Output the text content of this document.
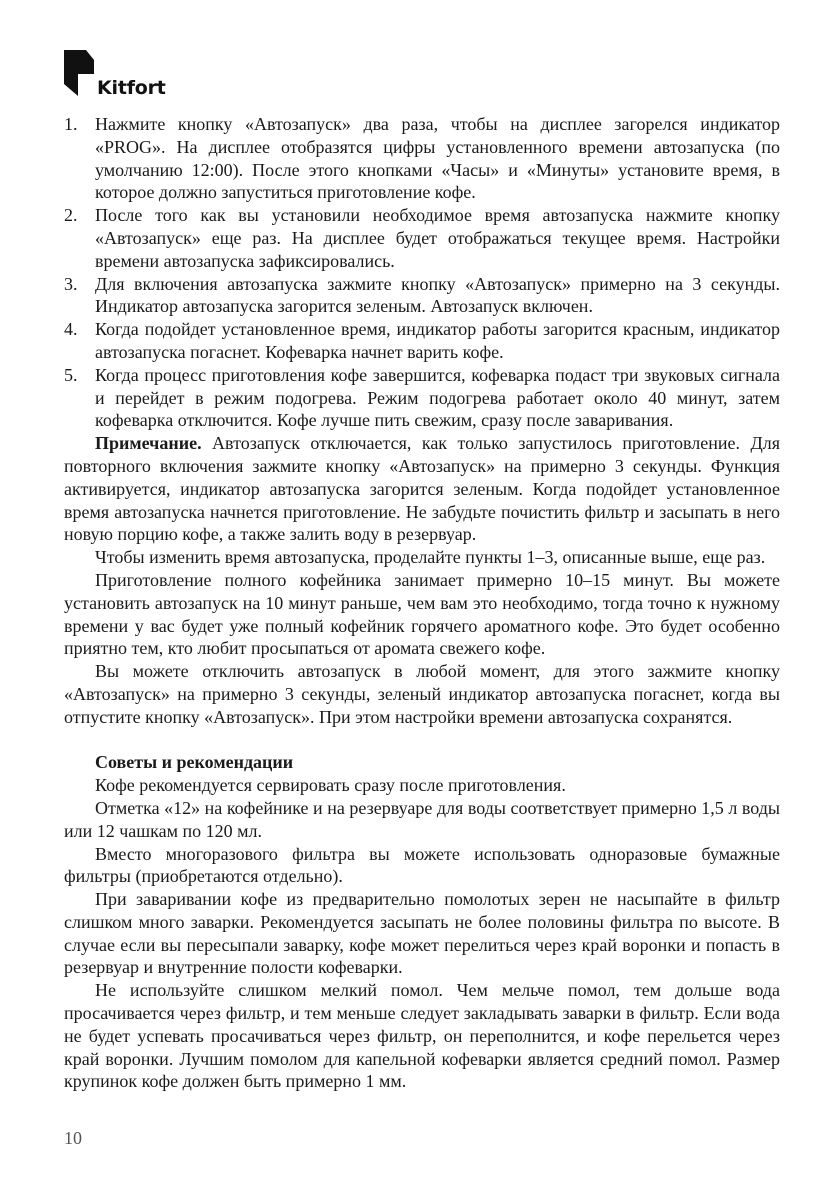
Kitfort
1. Нажмите кнопку «Автозапуск» два раза, чтобы на дисплее загорелся индикатор «PROG». На дисплее отобразятся цифры установленного времени автозапуска (по умолчанию 12:00). После этого кнопками «Часы» и «Минуты» установите время, в которое должно запуститься приготовление кофе.
2. После того как вы установили необходимое время автозапуска нажмите кнопку «Автозапуск» еще раз. На дисплее будет отображаться текущее время. Настройки времени автозапуска зафиксировались.
3. Для включения автозапуска зажмите кнопку «Автозапуск» примерно на 3 секунды. Индикатор автозапуска загорится зеленым. Автозапуск включен.
4. Когда подойдет установленное время, индикатор работы загорится красным, индикатор автозапуска погаснет. Кофеварка начнет варить кофе.
5. Когда процесс приготовления кофе завершится, кофеварка подаст три звуковых сигнала и перейдет в режим подогрева. Режим подогрева работает около 40 минут, затем кофеварка отключится. Кофе лучше пить свежим, сразу после заваривания.

Примечание. Автозапуск отключается, как только запустилось приготовление. Для повторного включения зажмите кнопку «Автозапуск» на примерно 3 секунды. Функция активируется, индикатор автозапуска загорится зеленым. Когда подойдет установленное время автозапуска начнется приготовление. Не забудьте почистить фильтр и засыпать в него новую порцию кофе, а также залить воду в резервуар.

Чтобы изменить время автозапуска, проделайте пункты 1–3, описанные выше, еще раз.

Приготовление полного кофейника занимает примерно 10–15 минут. Вы можете установить автозапуск на 10 минут раньше, чем вам это необходимо, тогда точно к нужному времени у вас будет уже полный кофейник горячего ароматного кофе. Это будет особенно приятно тем, кто любит просыпаться от аромата свежего кофе.

Вы можете отключить автозапуск в любой момент, для этого зажмите кнопку «Автозапуск» на примерно 3 секунды, зеленый индикатор автозапуска погаснет, когда вы отпустите кнопку «Автозапуск». При этом настройки времени автозапуска сохранятся.

Советы и рекомендации

Кофе рекомендуется сервировать сразу после приготовления.

Отметка «12» на кофейнике и на резервуаре для воды соответствует примерно 1,5 л воды или 12 чашкам по 120 мл.

Вместо многоразового фильтра вы можете использовать одноразовые бумажные фильтры (приобретаются отдельно).

При заваривании кофе из предварительно помолотых зерен не насыпайте в фильтр слишком много заварки. Рекомендуется засыпать не более половины фильтра по высоте. В случае если вы пересыпали заварку, кофе может перелиться через край воронки и попасть в резервуар и внутренние полости кофеварки.

Не используйте слишком мелкий помол. Чем мельче помол, тем дольше вода просачивается через фильтр, и тем меньше следует закладывать заварки в фильтр. Если вода не будет успевать просачиваться через фильтр, он переполнится, и кофе перельется через край воронки. Лучшим помолом для капельной кофеварки является средний помол. Размер крупинок кофе должен быть примерно 1 мм.

10
